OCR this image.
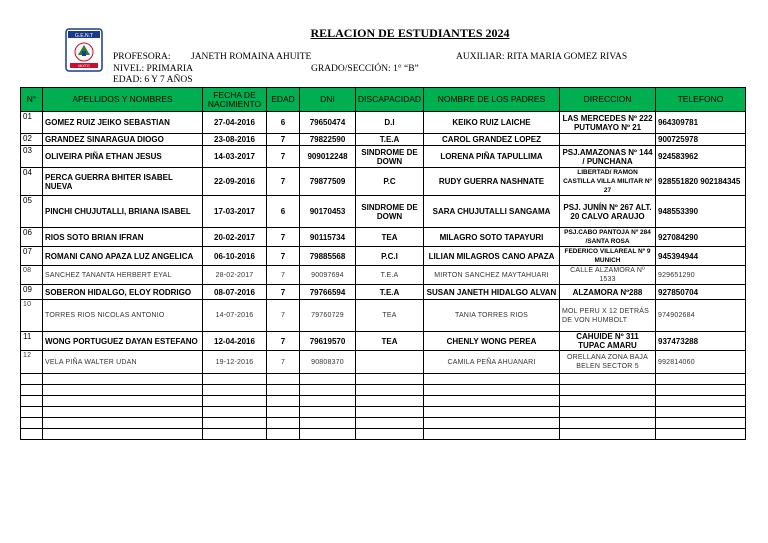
G.E.N.T
MIXTO
RELACION DE ESTUDIANTES 2024
PROFESORA: JANETH ROMAINA AHUITE	AUXILIAR: RITA MARIA GOMEZ RIVAS
NIVEL: PRIMARIA	GRADO/SECCIÓN: 1° “B”
EDAD: 6 Y 7 AÑOS
N°	APELLIDOS Y NOMBRES	FECHA DE NACIMIENTO	EDAD	DNI	DISCAPACIDAD	NOMBRE DE LOS PADRES	DIRECCION	TELEFONO
01	GOMEZ RUIZ JEIKO SEBASTIAN	27-04-2016	6	79650474	D.I	KEIKO RUIZ LAICHE	LAS MERCEDES Nº 222 PUTUMAYO Nº 21	964309781
02	GRANDEZ SINARAGUA DIOGO	23-08-2016	7	79822590	T.E.A	CAROL GRANDEZ LOPEZ		900725978
03	OLIVEIRA PIÑA ETHAN JESUS	14-03-2017	7	909012248	SINDROME DE DOWN	LORENA PIÑA TAPULLIMA	PSJ.AMAZONAS Nº 144 / PUNCHANA	924583962
04	PERCA GUERRA BHITER ISABEL NUEVA	22-09-2016	7	79877509	P.C	RUDY GUERRA NASHNATE	LIBERTAD/ RAMON CASTILLA VILLA MILITAR Nº 27	928551820 902184345
05	PINCHI CHUJUTALLI, BRIANA ISABEL	17-03-2017	6	90170453	SINDROME DE DOWN	SARA CHUJUTALLI SANGAMA	PSJ. JUNÍN Nº 267 ALT. 20 CALVO ARAUJO	948553390
06	RIOS SOTO BRIAN IFRAN	20-02-2017	7	90115734	TEA	MILAGRO SOTO TAPAYURI	PSJ.CABO PANTOJA Nº 284 /SANTA ROSA	927084290
07	ROMANI CANO APAZA LUZ ANGELICA	06-10-2016	7	79885568	P.C.I	LILIAN MILAGROS CANO APAZA	FEDERICO VILLAREAL Nº 9 MUNICH	945394944
08	SANCHEZ TANANTA HERBERT EYAL	28-02-2017	7	90097694	T.E.A	MIRTON SANCHEZ MAYTAHUARI	CALLE ALZAMORA Nº 1533	929651290
09	SOBERON HIDALGO, ELOY RODRIGO	08-07-2016	7	79766594	T.E.A	SUSAN JANETH HIDALGO ALVAN	ALZAMORA Nº288	927850704
10	TORRES RIOS NICOLAS ANTONIO	14-07-2016	7	79760729	TEA	TANIA TORRES RIOS	MOL PERU X 12 DETRÁS DE VON HUMBOLT	974902684
11	WONG PORTUGUEZ DAYAN ESTEFANO	12-04-2016	7	79619570	TEA	CHENLY WONG PEREA	CAHUIDE Nº 311 TUPAC AMARU	937473288
12	VELA PIÑA WALTER UDAN	19-12-2016	7	90808370		CAMILA PEÑA AHUANARI	ORELLANA ZONA BAJA BELEN SECTOR 5	992814060
